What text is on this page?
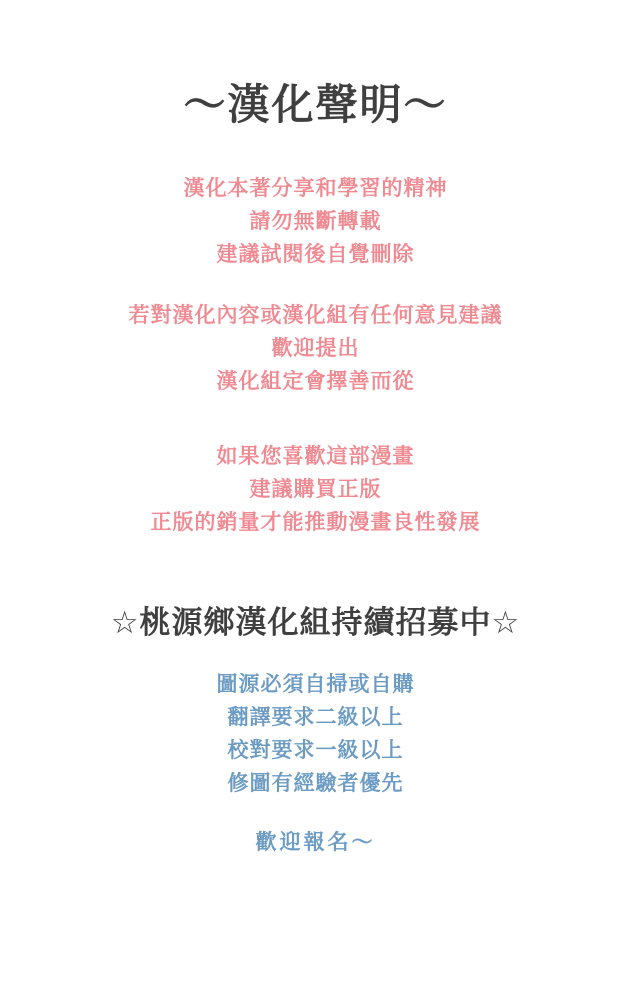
～漢化聲明～
漢化本著分享和學習的精神
請勿無斷轉載
建議試閱後自覺刪除
若對漢化內容或漢化組有任何意見建議
歡迎提出
漢化組定會擇善而從
如果您喜歡這部漫畫
建議購買正版
正版的銷量才能推動漫畫良性發展
☆桃源鄉漢化組持續招募中☆
圖源必須自掃或自購
翻譯要求二級以上
校對要求一級以上
修圖有經驗者優先
歡迎報名～
